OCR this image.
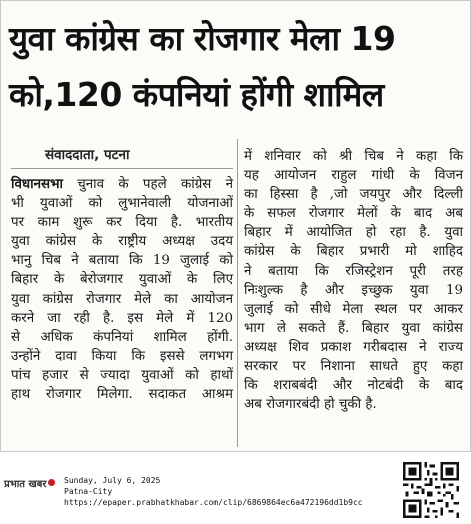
युवा कांग्रेस का रोजगार मेला 19
को,120 कंपनियां होंगी शामिल
संवाददाता, पटना
विधानसभा चुनाव के पहले कांग्रेस ने
भी युवाओं को लुभानेवाली योजनाओं
पर काम शुरू कर दिया है. भारतीय
युवा कांग्रेस के राष्ट्रीय अध्यक्ष उदय
भानु चिब ने बताया कि 19 जुलाई को
बिहार के बेरोजगार युवाओं के लिए
युवा कांग्रेस रोजगार मेले का आयोजन
करने जा रही है. इस मेले में 120
से अधिक कंपनियां शामिल होंगी.
उन्होंने दावा किया कि इससे लगभग
पांच हजार से ज्यादा युवाओं को हाथों
हाथ रोजगार मिलेगा. सदाकत आश्रम
में शनिवार को श्री चिब ने कहा कि
यह आयोजन राहुल गांधी के विजन
का हिस्सा है ,जो जयपुर और दिल्ली
के सफल रोजगार मेलों के बाद अब
बिहार में आयोजित हो रहा है. युवा
कांग्रेस के बिहार प्रभारी मो शाहिद
ने बताया कि रजिस्ट्रेशन पूरी तरह
निःशुल्क है और इच्छुक युवा 19
जुलाई को सीधे मेला स्थल पर आकर
भाग ले सकते हैं. बिहार युवा कांग्रेस
अध्यक्ष शिव प्रकाश गरीबदास ने राज्य
सरकार पर निशाना साधते हुए कहा
कि शराबबंदी और नोटबंदी के बाद
अब रोजगारबंदी हो चुकी है.
प्रभात खबर	Sunday, July 6, 2025
Patna-City
https://epaper.prabhatkhabar.com/clip/6869864ec6a472196dd1b9cc
